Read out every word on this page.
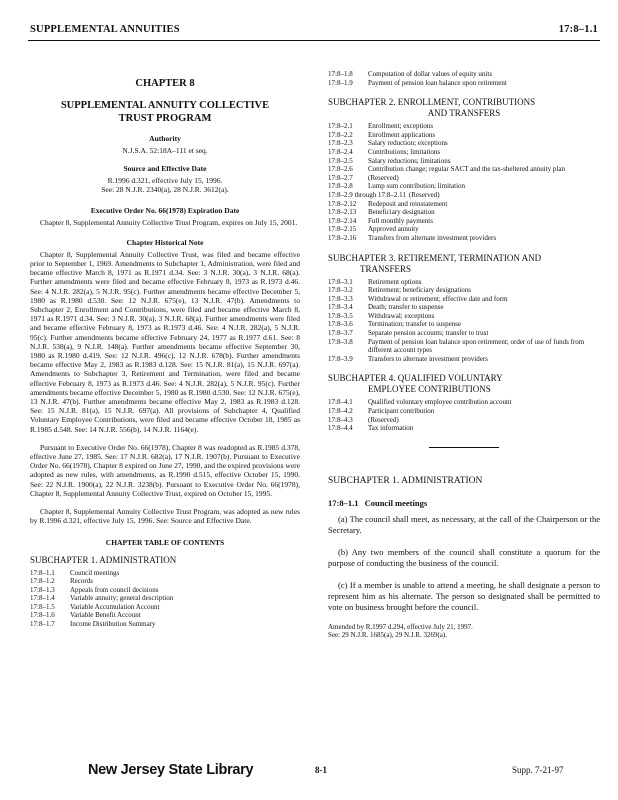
SUPPLEMENTAL ANNUITIES	17:8–1.1
CHAPTER 8
SUPPLEMENTAL ANNUITY COLLECTIVE
TRUST PROGRAM
Authority
N.J.S.A. 52:18A–111 et seq.
Source and Effective Date
R.1996 d.321, effective July 15, 1996.
See: 28 N.J.R. 2340(a), 28 N.J.R. 3612(a).
Executive Order No. 66(1978) Expiration Date

Chapter 8, Supplemental Annuity Collective Trust Program, expires on July 15, 2001.

Chapter Historical Note

Chapter 8, Supplemental Annuity Collective Trust, was filed and became effective prior to September 1, 1969. Amendments to Subchapter 1, Administration, were filed and became effective March 8, 1971 as R.1971 d.34. See: 3 N.J.R. 30(a), 3 N.J.R. 68(a). Further amendments were filed and became effective February 8, 1973 as R.1973 d.46. See: 4 N.J.R. 282(a), 5 N.J.R. 95(c). Further amendments became effective December 5, 1980 as R.1980 d.530. See: 12 N.J.R. 675(e), 13 N.J.R. 47(b). Amendments to Subchapter 2, Enrollment and Contributions, were filed and became effective March 8, 1971 as R.1971 d.34. See: 3 N.J.R. 30(a), 3 N.J.R. 68(a). Further amendments were filed and became effective February 8, 1973 as R.1973 d.46. See: 4 N.J.R. 282(a), 5 N.J.R. 95(c). Further amendments became effective February 24, 1977 as R.1977 d.61. See: 8 N.J.R. 538(a), 9 N.J.R. 148(a). Further amendments became effective September 30, 1980 as R.1980 d.419. See: 12 N.J.R. 496(c), 12 N.J.R. 678(b). Further amendments became effective May 2, 1983 as R.1983 d.128. See: 15 N.J.R. 81(a), 15 N.J.R. 697(a). Amendments to Subchapter 3, Retirement and Termination, were filed and became effective February 8, 1973 as R.1973 d.46. See: 4 N.J.R. 282(a), 5 N.J.R. 95(c). Further amendments became effective December 5, 1980 as R.1980 d.530. See: 12 N.J.R. 675(e), 13 N.J.R. 47(b). Further amendments became effective May 2, 1983 as R.1983 d.128. See: 15 N.J.R. 81(a), 15 N.J.R. 697(a). All provisions of Subchapter 4, Qualified Voluntary Employee Contributions, were filed and became effective October 18, 1985 as R.1985 d.548. See: 14 N.J.R. 556(b), 14 N.J.R. 1164(e).

Pursuant to Executive Order No. 66(1978), Chapter 8 was readopted as R.1985 d.378, effective June 27, 1985. See: 17 N.J.R. 682(a), 17 N.J.R. 1907(b). Pursuant to Executive Order No. 66(1978), Chapter 8 expired on June 27, 1990, and the expired provisions were adopted as new rules, with amendments, as R.1990 d.515, effective October 15, 1990. See: 22 N.J.R. 1900(a), 22 N.J.R. 3238(b). Pursuant to Executive Order No. 66(1978), Chapter 8, Supplemental Annuity Collective Trust, expired on October 15, 1995.

Chapter 8, Supplemental Annuity Collective Trust Program, was adopted as new rules by R.1996 d.321, effective July 15, 1996. See: Source and Effective Date.

CHAPTER TABLE OF CONTENTS
SUBCHAPTER 1. ADMINISTRATION
17:8–1.1	Council meetings
17:8–1.2	Records
17:8–1.3	Appeals from council decisions
17:8–1.4	Variable annuity; general description
17:8–1.5	Variable Accumulation Account
17:8–1.6	Variable Benefit Account
17:8–1.7	Income Distribution Summary
17:8–1.8	Computation of dollar values of equity units
17:8–1.9	Payment of pension loan balance upon retirement
SUBCHAPTER 2. ENROLLMENT, CONTRIBUTIONS
AND TRANSFERS
17:8–2.1	Enrollment; exceptions
17:8–2.2	Enrollment applications
17:8–2.3	Salary reduction; exceptions
17:8–2.4	Contributions; limitations
17:8–2.5	Salary reductions; limitations
17:8–2.6	Contribution change; regular SACT and the tax-sheltered annuity plan
17:8–2.7	(Reserved)
17:8–2.8	Lump sum contribution; limitation
17:8–2.9 through 17:8–2.11 (Reserved)
17:8–2.12	Redeposit and reinstatement
17:8–2.13	Beneficiary designation
17:8–2.14	Full monthly payments
17:8–2.15	Approved annuity
17:8–2.16	Transfers from alternate investment providers
SUBCHAPTER 3. RETIREMENT, TERMINATION AND
TRANSFERS
17:8–3.1	Retirement options
17:8–3.2	Retirement; beneficiary designations
17:8–3.3	Withdrawal or retirement; effective date and form
17:8–3.4	Death; transfer to suspense
17:8–3.5	Withdrawal; exceptions
17:8–3.6	Termination; transfer to suspense
17:8–3.7	Separate pension accounts; transfer to trust
17:8–3.8	Payment of pension loan balance upon retirement; order of use of funds from different account types
17:8–3.9	Transfers to alternate investment providers
SUBCHAPTER 4. QUALIFIED VOLUNTARY
EMPLOYEE CONTRIBUTIONS
17:8–4.1	Qualified voluntary employee contribution account
17:8–4.2	Participant contribution
17:8–4.3	(Reserved)
17:8–4.4	Tax information
SUBCHAPTER 1. ADMINISTRATION
17:8–1.1 Council meetings

(a) The council shall meet, as necessary, at the call of the Chairperson or the Secretary.

(b) Any two members of the council shall constitute a quorum for the purpose of conducting the business of the council.

(c) If a member is unable to attend a meeting, he shall designate a person to represent him as his alternate. The person so designated shall be permitted to vote on business brought before the council.

Amended by R.1997 d.294, effective July 21, 1997.
See: 29 N.J.R. 1685(a), 29 N.J.R. 3269(a).
New Jersey State Library	8-1	Supp. 7-21-97
